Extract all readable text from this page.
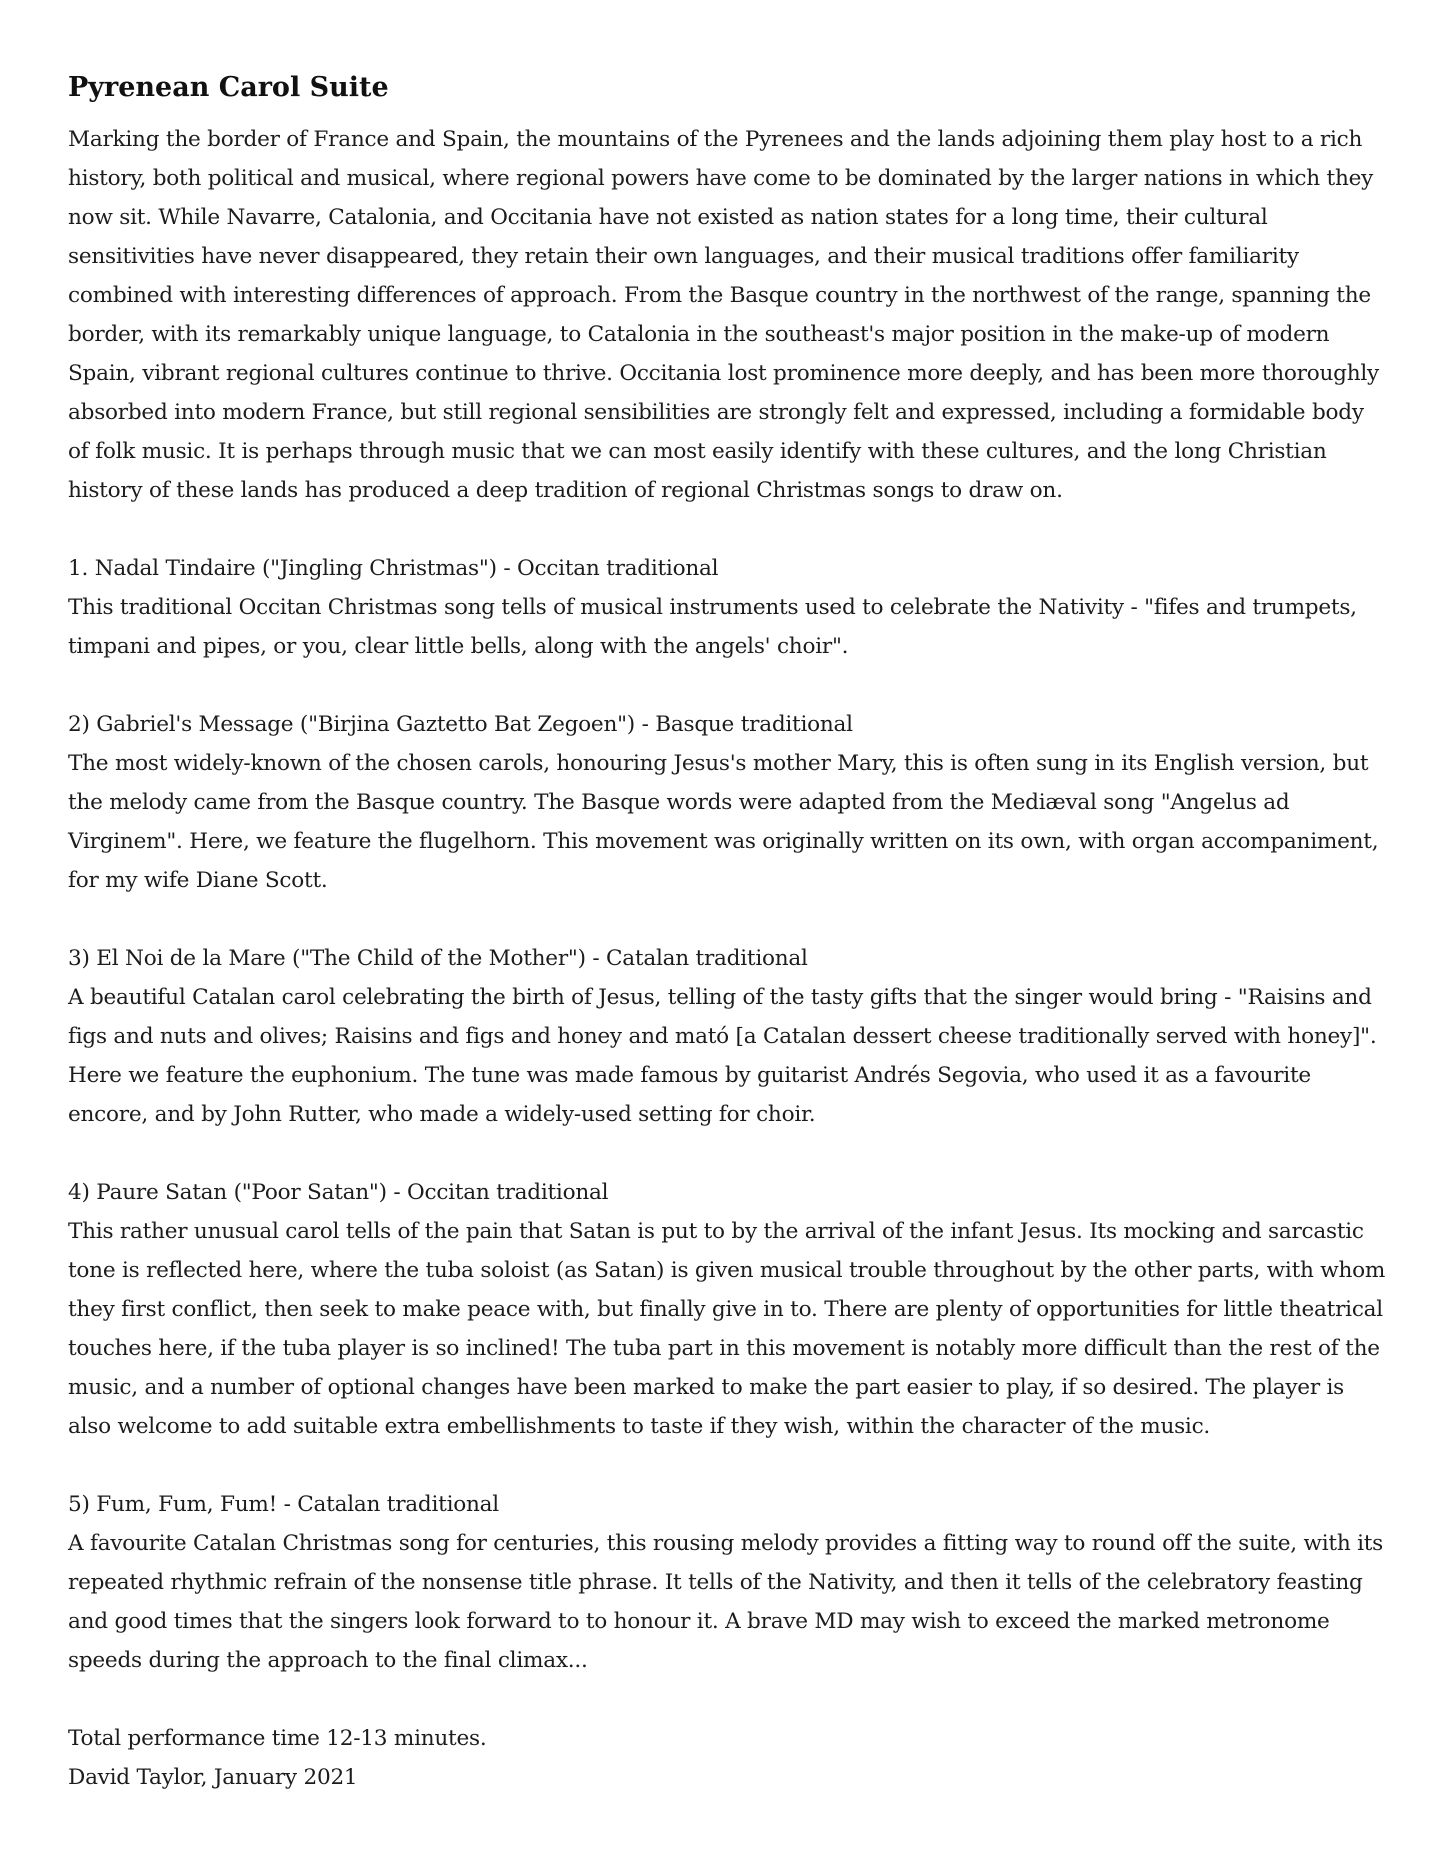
Pyrenean Carol Suite

Marking the border of France and Spain, the mountains of the Pyrenees and the lands adjoining them play host to a rich history, both political and musical, where regional powers have come to be dominated by the larger nations in which they now sit. While Navarre, Catalonia, and Occitania have not existed as nation states for a long time, their cultural sensitivities have never disappeared, they retain their own languages, and their musical traditions offer familiarity combined with interesting differences of approach. From the Basque country in the northwest of the range, spanning the border, with its remarkably unique language, to Catalonia in the southeast's major position in the make-up of modern Spain, vibrant regional cultures continue to thrive. Occitania lost prominence more deeply, and has been more thoroughly absorbed into modern France, but still regional sensibilities are strongly felt and expressed, including a formidable body of folk music. It is perhaps through music that we can most easily identify with these cultures, and the long Christian history of these lands has produced a deep tradition of regional Christmas songs to draw on.

1. Nadal Tindaire ("Jingling Christmas") - Occitan traditional

This traditional Occitan Christmas song tells of musical instruments used to celebrate the Nativity - "fifes and trumpets, timpani and pipes, or you, clear little bells, along with the angels' choir".

2) Gabriel's Message ("Birjina Gaztetto Bat Zegoen") - Basque traditional

The most widely-known of the chosen carols, honouring Jesus's mother Mary, this is often sung in its English version, but the melody came from the Basque country. The Basque words were adapted from the Mediæval song "Angelus ad Virginem". Here, we feature the flugelhorn. This movement was originally written on its own, with organ accompaniment, for my wife Diane Scott.

3) El Noi de la Mare ("The Child of the Mother") - Catalan traditional

A beautiful Catalan carol celebrating the birth of Jesus, telling of the tasty gifts that the singer would bring - "Raisins and figs and nuts and olives; Raisins and figs and honey and mató [a Catalan dessert cheese traditionally served with honey]". Here we feature the euphonium. The tune was made famous by guitarist Andrés Segovia, who used it as a favourite encore, and by John Rutter, who made a widely-used setting for choir.

4) Paure Satan ("Poor Satan") - Occitan traditional

This rather unusual carol tells of the pain that Satan is put to by the arrival of the infant Jesus. Its mocking and sarcastic tone is reflected here, where the tuba soloist (as Satan) is given musical trouble throughout by the other parts, with whom they first conflict, then seek to make peace with, but finally give in to. There are plenty of opportunities for little theatrical touches here, if the tuba player is so inclined! The tuba part in this movement is notably more difficult than the rest of the music, and a number of optional changes have been marked to make the part easier to play, if so desired. The player is also welcome to add suitable extra embellishments to taste if they wish, within the character of the music.

5) Fum, Fum, Fum! - Catalan traditional

A favourite Catalan Christmas song for centuries, this rousing melody provides a fitting way to round off the suite, with its repeated rhythmic refrain of the nonsense title phrase. It tells of the Nativity, and then it tells of the celebratory feasting and good times that the singers look forward to to honour it. A brave MD may wish to exceed the marked metronome speeds during the approach to the final climax...

Total performance time 12-13 minutes.

David Taylor, January 2021
